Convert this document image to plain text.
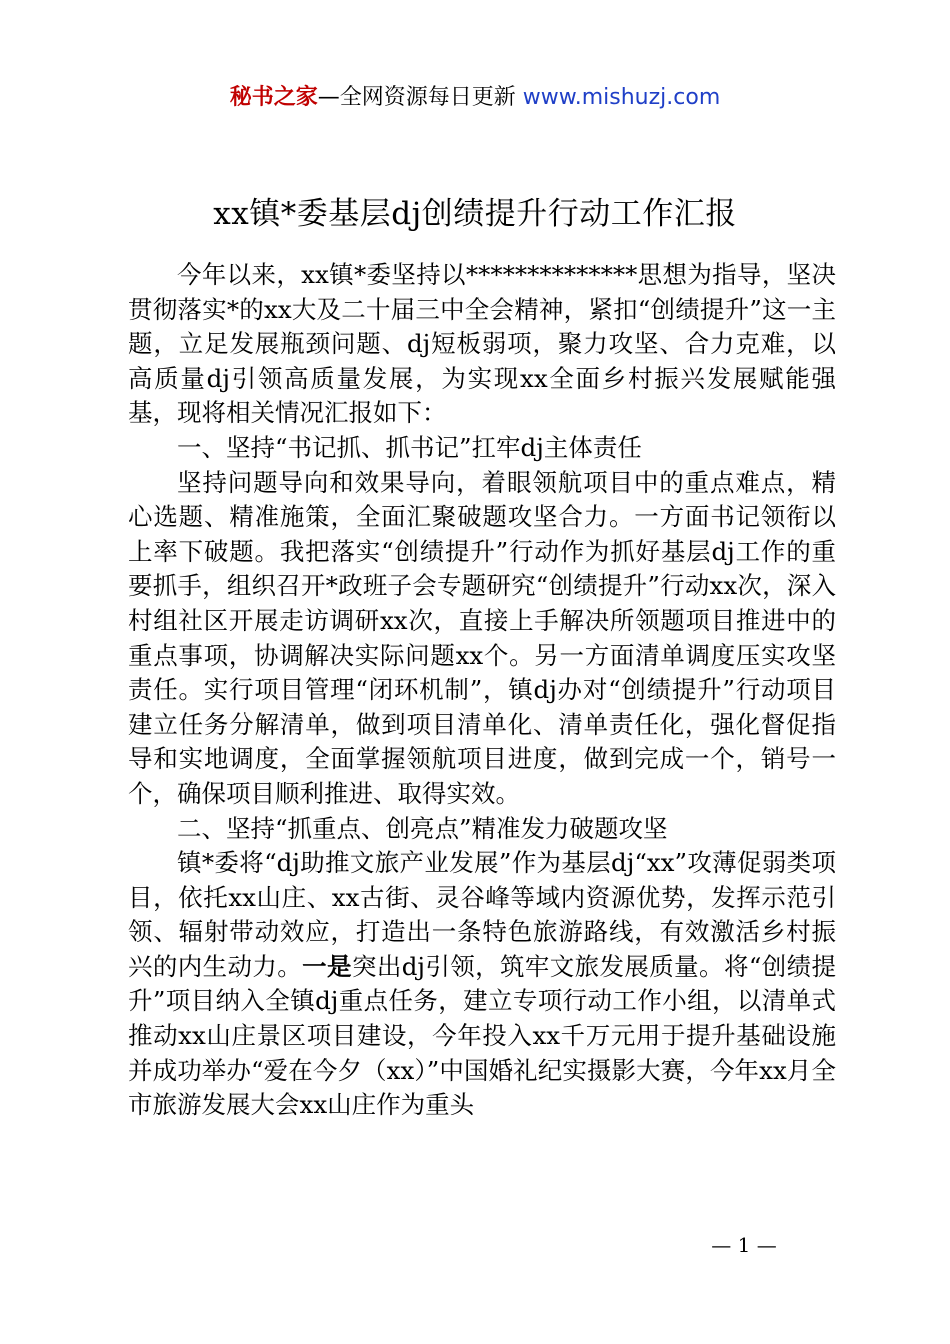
秘书之家—全网资源每日更新 www.mishuzj.com
xx镇*委基层dj创绩提升行动工作汇报

今年以来，xx镇*委坚持以**************思想为指导，坚决贯彻落实*的xx大及二十届三中全会精神，紧扣“创绩提升”这一主题，立足发展瓶颈问题、dj短板弱项，聚力攻坚、合力克难，以高质量dj引领高质量发展，为实现xx全面乡村振兴发展赋能强基，现将相关情况汇报如下：

一、坚持“书记抓、抓书记”扛牢dj主体责任

坚持问题导向和效果导向，着眼领航项目中的重点难点，精心选题、精准施策，全面汇聚破题攻坚合力。一方面书记领衔以上率下破题。我把落实“创绩提升”行动作为抓好基层dj工作的重要抓手，组织召开*政班子会专题研究“创绩提升”行动xx次，深入村组社区开展走访调研xx次，直接上手解决所领题项目推进中的重点事项，协调解决实际问题xx个。另一方面清单调度压实攻坚责任。实行项目管理“闭环机制”，镇dj办对“创绩提升”行动项目建立任务分解清单，做到项目清单化、清单责任化，强化督促指导和实地调度，全面掌握领航项目进度，做到完成一个，销号一个，确保项目顺利推进、取得实效。

二、坚持“抓重点、创亮点”精准发力破题攻坚

镇*委将“dj助推文旅产业发展”作为基层dj“xx”攻薄促弱类项目，依托xx山庄、xx古街、灵谷峰等域内资源优势，发挥示范引领、辐射带动效应，打造出一条特色旅游路线，有效激活乡村振兴的内生动力。一是突出dj引领，筑牢文旅发展质量。将“创绩提升”项目纳入全镇dj重点任务，建立专项行动工作小组，以清单式推动xx山庄景区项目建设，今年投入xx千万元用于提升基础设施并成功举办“爱在今夕（xx）”中国婚礼纪实摄影大赛，今年xx月全市旅游发展大会xx山庄作为重头

— 1 —
